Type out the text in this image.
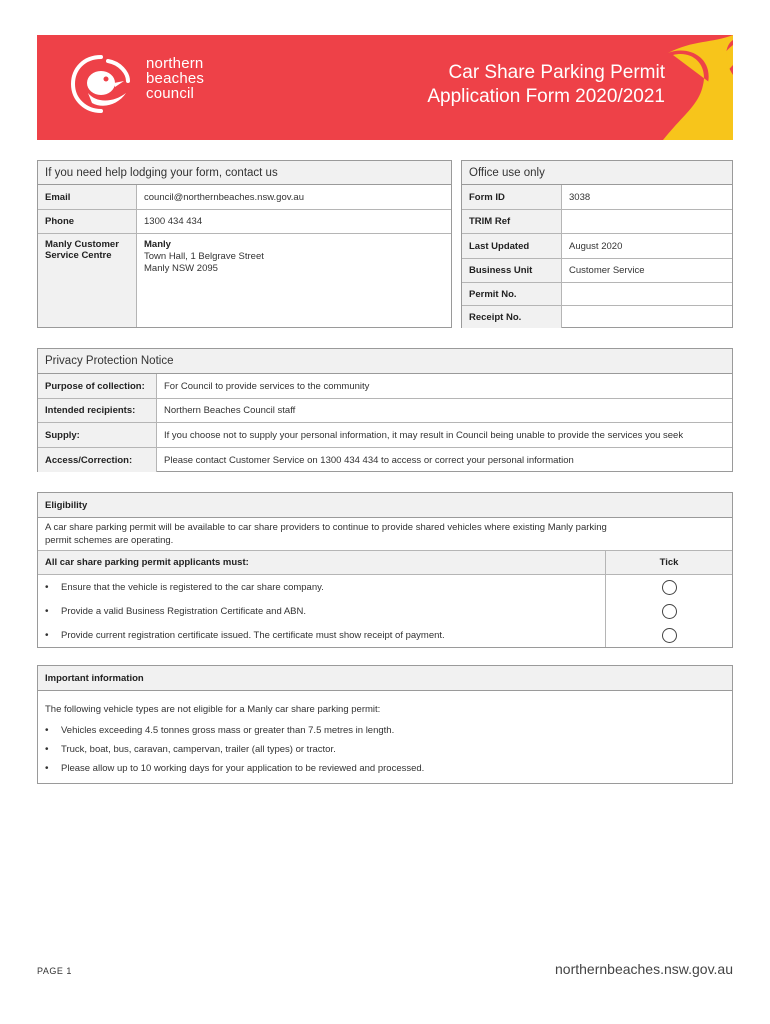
northern
beaches
council
Car Share Parking Permit
Application Form 2020/2021
If you need help lodging your form, contact us
Email	council@northernbeaches.nsw.gov.au
Phone	1300 434 434
Manly Customer Service Centre
Manly
Town Hall, 1 Belgrave Street
Manly NSW 2095
Office use only
Form ID	3038
TRIM Ref
Last Updated	August 2020
Business Unit	Customer Service
Permit No.
Receipt No.
Privacy Protection Notice
Purpose of collection:	For Council to provide services to the community
Intended recipients:	Northern Beaches Council staff
Supply:	If you choose not to supply your personal information, it may result in Council being unable to provide the services you seek
Access/Correction:	Please contact Customer Service on 1300 434 434 to access or correct your personal information
Eligibility
A car share parking permit will be available to car share providers to continue to provide shared vehicles where existing Manly parking permit schemes are operating.
All car share parking permit applicants must:	Tick
•	Ensure that the vehicle is registered to the car share company.
•	Provide a valid Business Registration Certificate and ABN.
•	Provide current registration certificate issued. The certificate must show receipt of payment.
Important information
The following vehicle types are not eligible for a Manly car share parking permit:
•	Vehicles exceeding 4.5 tonnes gross mass or greater than 7.5 metres in length.
•	Truck, boat, bus, caravan, campervan, trailer (all types) or tractor.
•	Please allow up to 10 working days for your application to be reviewed and processed.
PAGE 1	northernbeaches.nsw.gov.au
